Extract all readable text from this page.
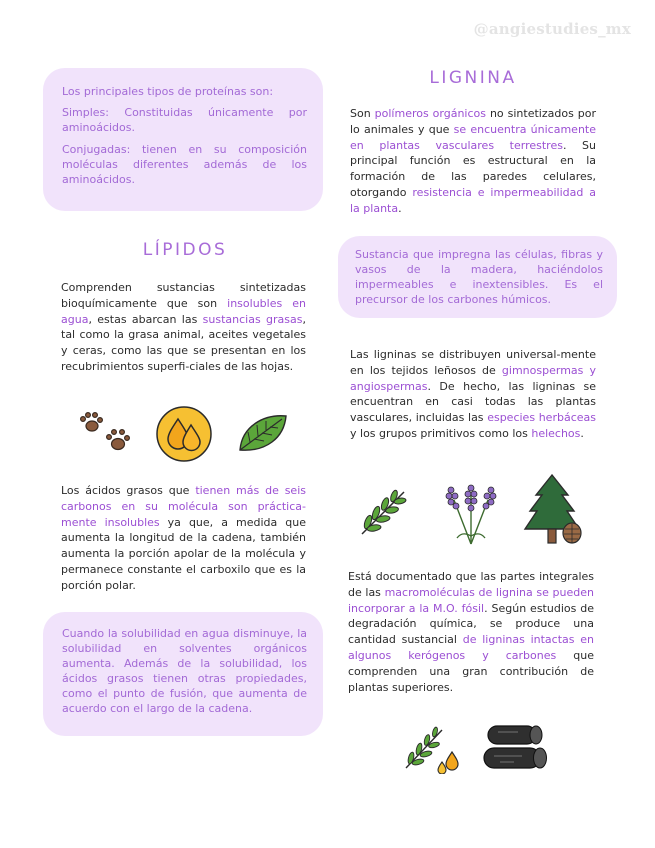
@angiestudies_mx

Los principales tipos de proteínas son:

Simples: Constituidas únicamente por aminoácidos.

Conjugadas: tienen en su composición moléculas diferentes además de los aminoácidos.

LÍPIDOS

Comprenden sustancias sintetizadas bioquímicamente que son insolubles en agua, estas abarcan las sustancias grasas, tal como la grasa animal, aceites vegetales y ceras, como las que se presentan en los recubrimientos superfi-ciales de las hojas.

Los ácidos grasos que tienen más de seis carbonos en su molécula son práctica-mente insolubles ya que, a medida que aumenta la longitud de la cadena, también aumenta la porción apolar de la molécula y permanece constante el carboxilo que es la porción polar.

Cuando la solubilidad en agua disminuye, la solubilidad en solventes orgánicos aumenta. Además de la solubilidad, los ácidos grasos tienen otras propiedades, como el punto de fusión, que aumenta de acuerdo con el largo de la cadena.

LIGNINA

Son polímeros orgánicos no sintetizados por lo animales y que se encuentra únicamente en plantas vasculares terrestres. Su principal función es estructural en la formación de las paredes celulares, otorgando resistencia e impermeabilidad a la planta.

Sustancia que impregna las células, fibras y vasos de la madera, haciéndolos impermeables e inextensibles. Es el precursor de los carbones húmicos.

Las ligninas se distribuyen universal-mente en los tejidos leñosos de gimnospermas y angiospermas. De hecho, las ligninas se encuentran en casi todas las plantas vasculares, incluidas las especies herbáceas y los grupos primitivos como los helechos.

Está documentado que las partes integrales de las macromoléculas de lignina se pueden incorporar a la M.O. fósil. Según estudios de degradación química, se produce una cantidad sustancial de ligninas intactas en algunos kerógenos y carbones que comprenden una gran contribución de plantas superiores.
